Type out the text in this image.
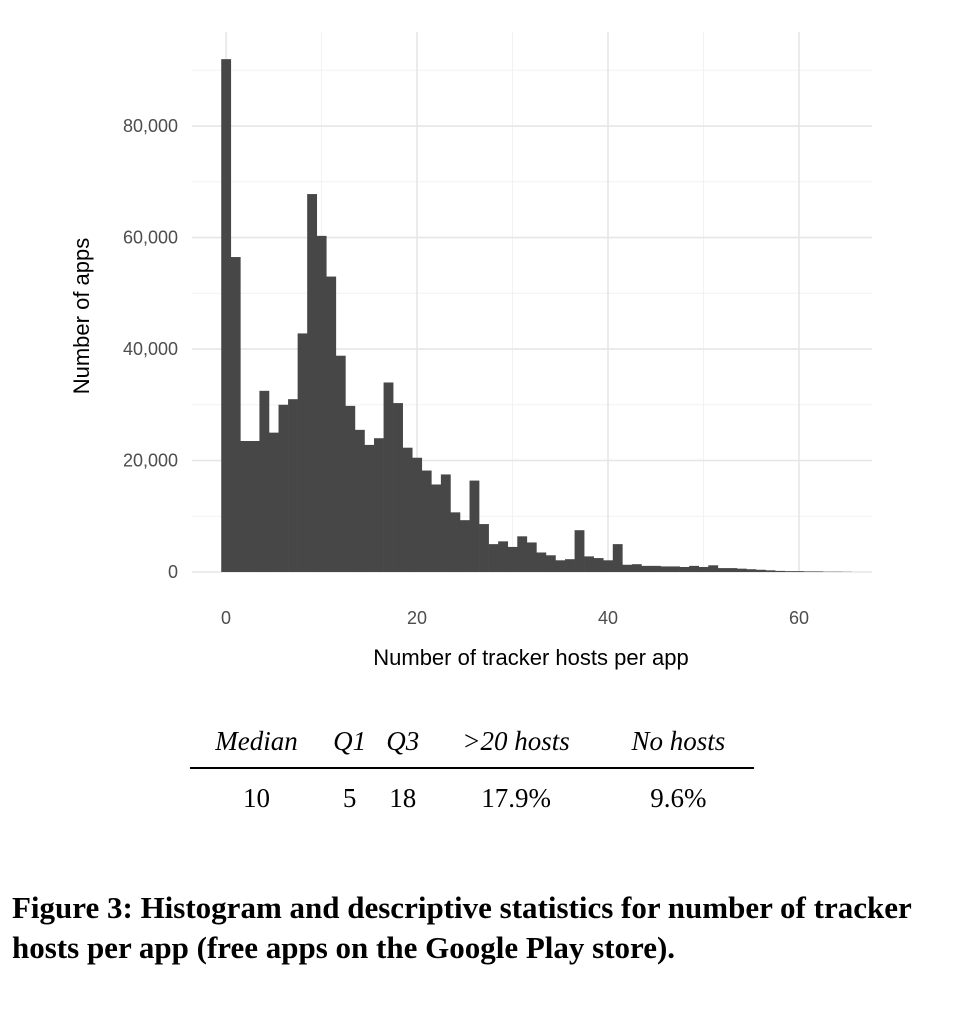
0	20	40	60
0
20,000
40,000
60,000
80,000
Number of tracker hosts per app
Number of apps
Median	Q1	Q3	>20 hosts	No hosts
10	5	18	17.9%	9.6%

Figure 3: Histogram and descriptive statistics for number of tracker hosts per app (free apps on the Google Play store).
